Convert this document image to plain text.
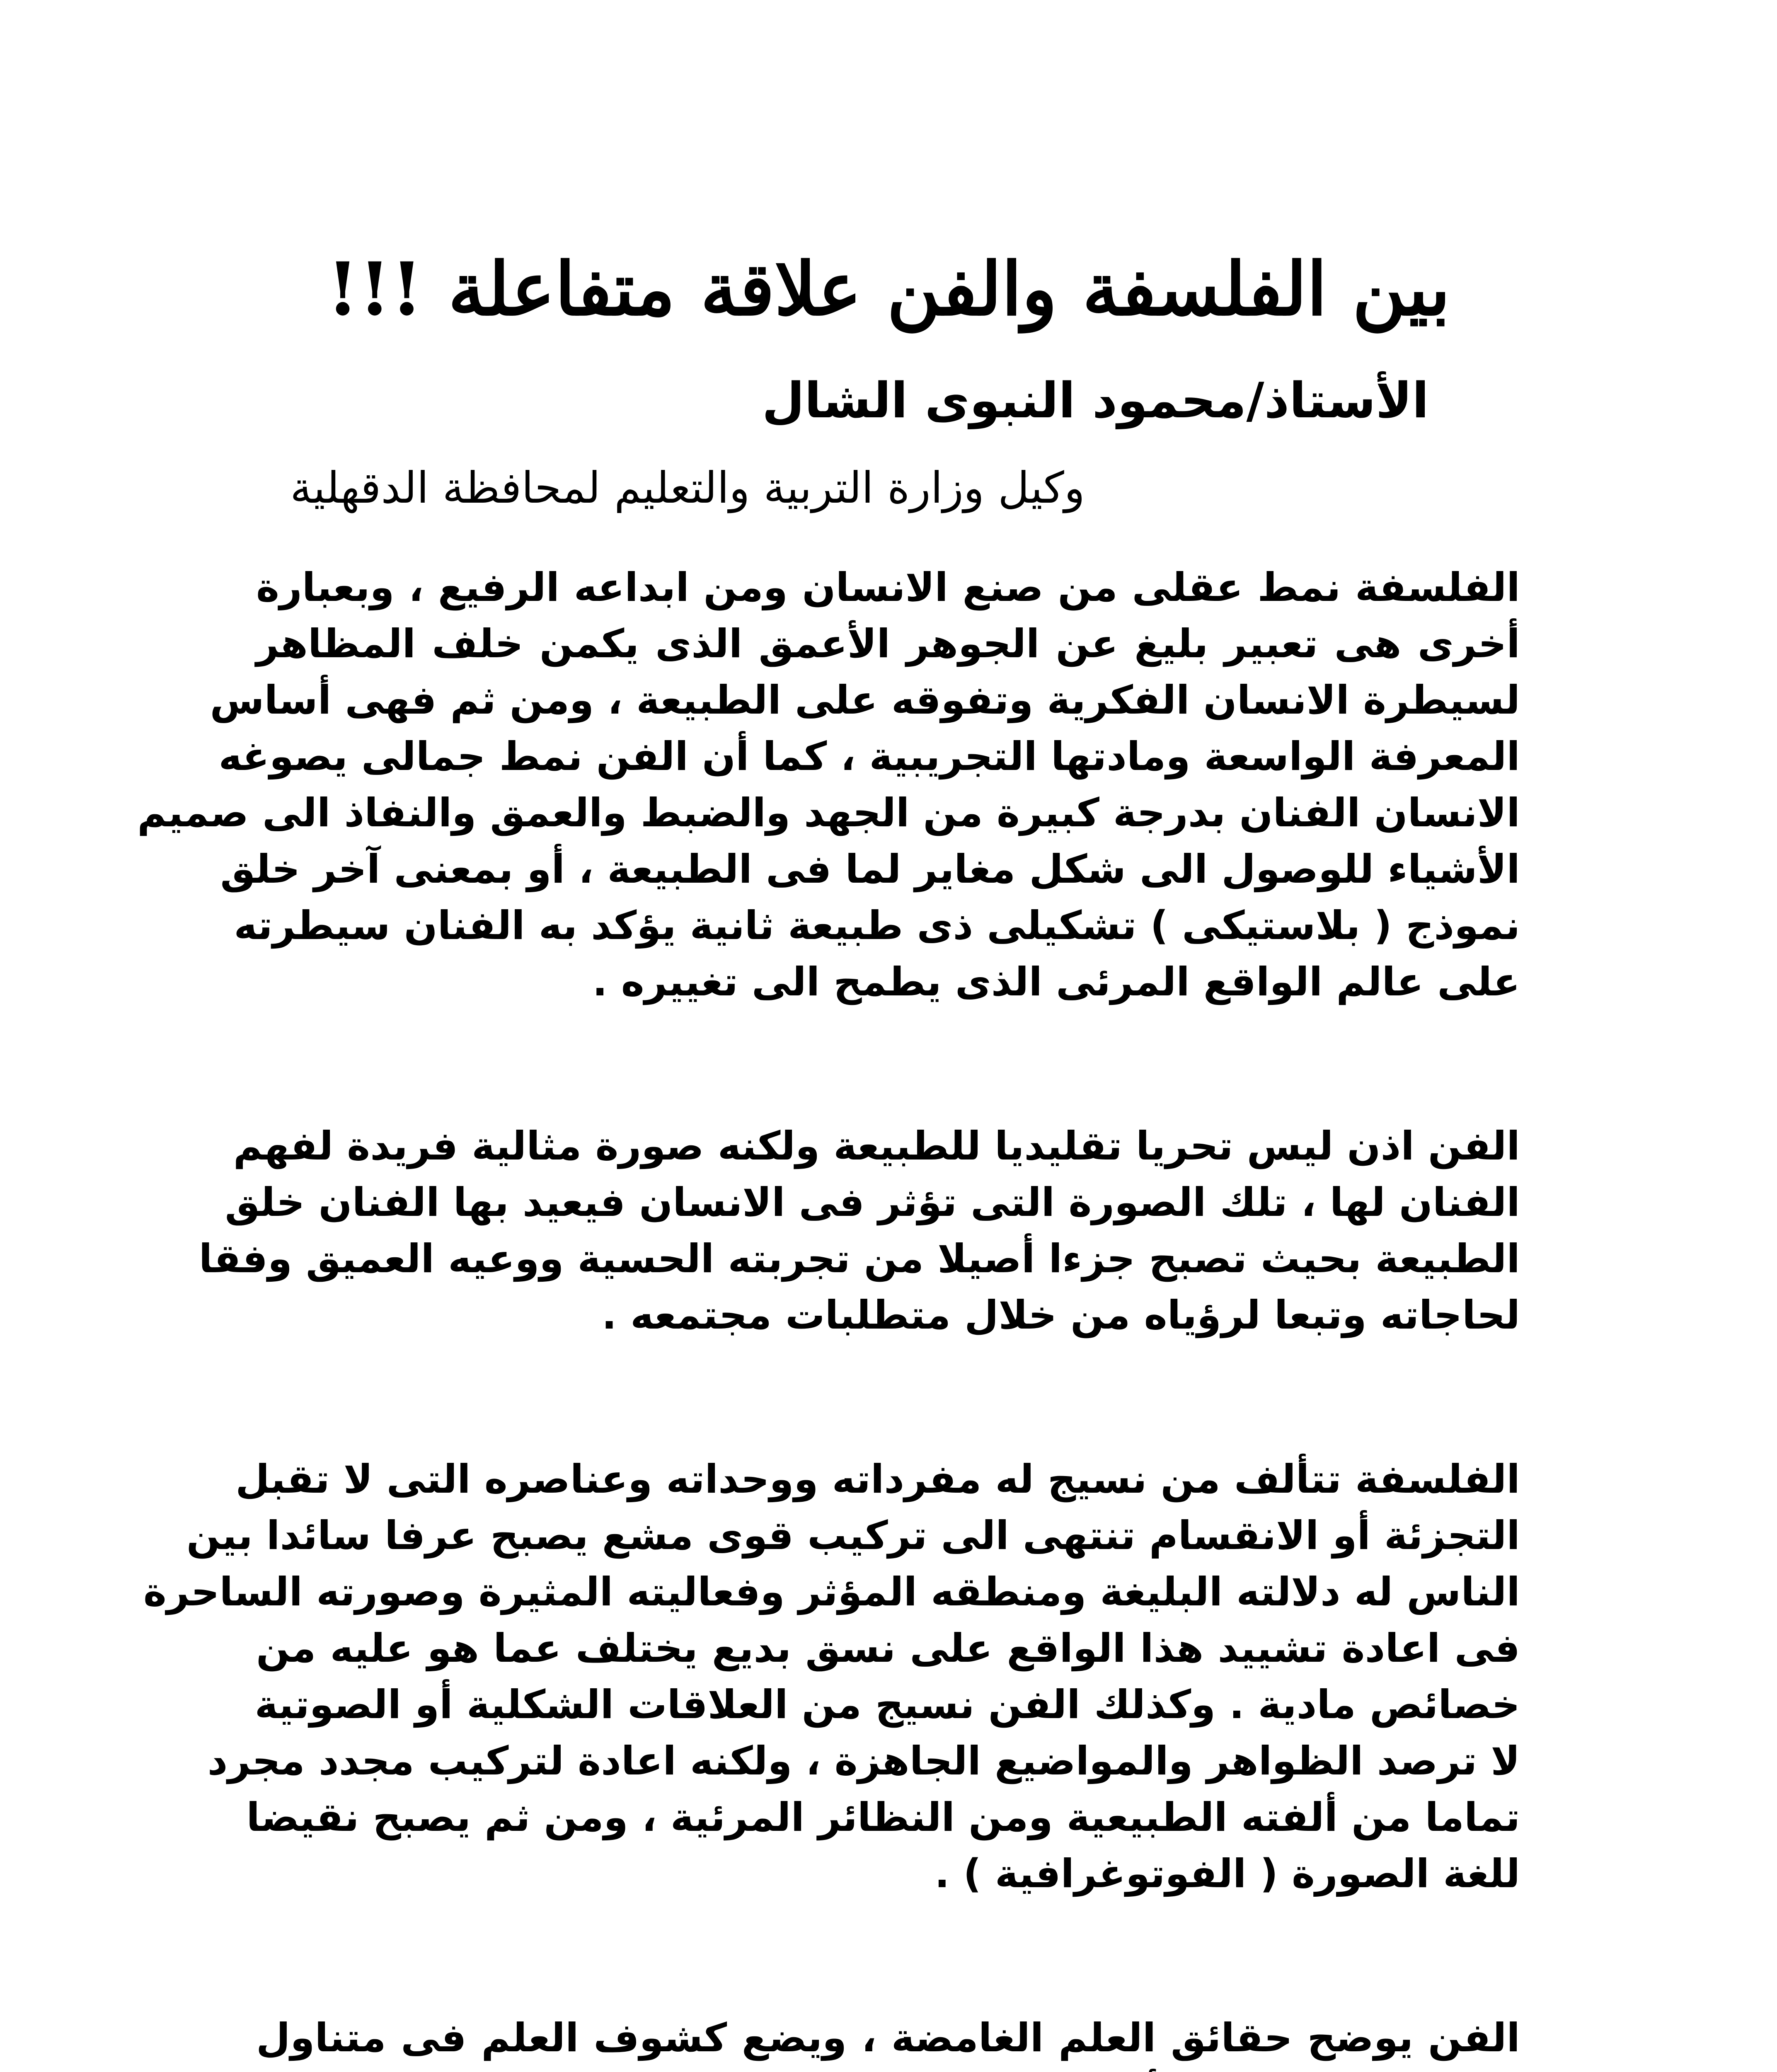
بين الفلسفة والفن علاقة متفاعلة !!!
الأستاذ/محمود النبوى الشال
وكيل وزارة التربية والتعليم لمحافظة الدقهلية
الفلسفة نمط عقلى من صنع الانسان ومن ابداعه الرفيع ، وبعبارة
أخرى هى تعبير بليغ عن الجوهر الأعمق الذى يكمن خلف المظاهر
لسيطرة الانسان الفكرية وتفوقه على الطبيعة ، ومن ثم فهى أساس
المعرفة الواسعة ومادتها التجريبية ، كما أن الفن نمط جمالى يصوغه
الانسان الفنان بدرجة كبيرة من الجهد والضبط والعمق والنفاذ الى صميم
الأشياء للوصول الى شكل مغاير لما فى الطبيعة ، أو بمعنى آخر خلق
نموذج ( بلاستيكى ) تشكيلى ذى طبيعة ثانية يؤكد به الفنان سيطرته
على عالم الواقع المرئى الذى يطمح الى تغييره .
الفن اذن ليس تحريا تقليديا للطبيعة ولكنه صورة مثالية فريدة لفهم
الفنان لها ، تلك الصورة التى تؤثر فى الانسان فيعيد بها الفنان خلق
الطبيعة بحيث تصبح جزءا أصيلا من تجربته الحسية ووعيه العميق وفقا
لحاجاته وتبعا لرؤياه من خلال متطلبات مجتمعه .
الفلسفة تتألف من نسيج له مفرداته ووحداته وعناصره التى لا تقبل
التجزئة أو الانقسام تنتهى الى تركيب قوى مشع يصبح عرفا سائدا بين
الناس له دلالته البليغة ومنطقه المؤثر وفعاليته المثيرة وصورته الساحرة
فى اعادة تشييد هذا الواقع على نسق بديع يختلف عما هو عليه من
خصائص مادية . وكذلك الفن نسيج من العلاقات الشكلية أو الصوتية
لا ترصد الظواهر والمواضيع الجاهزة ، ولكنه اعادة لتركيب مجدد مجرد
تماما من ألفته الطبيعية ومن النظائر المرئية ، ومن ثم يصبح نقيضا
للغة الصورة ( الفوتوغرافية ) .
الفن يوضح حقائق العلم الغامضة ، ويضع كشوف العلم فى متناول
